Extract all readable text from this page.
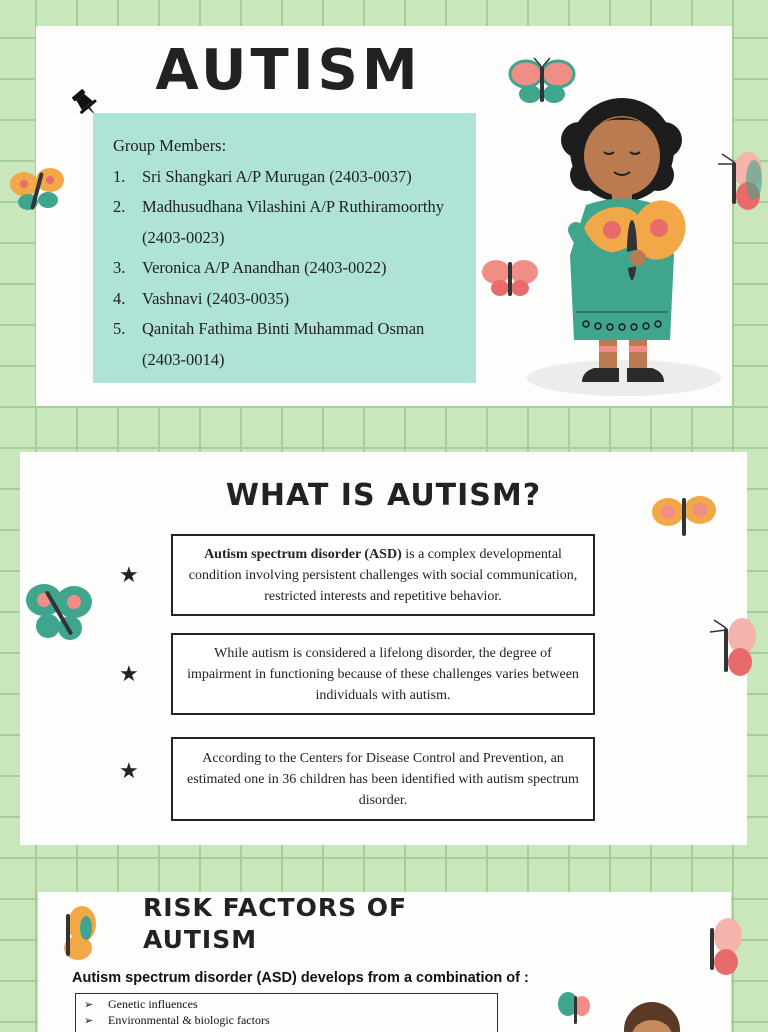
AUTISM
Group Members:
1.	Sri Shangkari A/P Murugan (2403-0037)
2.	Madhusudhana Vilashini A/P Ruthiramoorthy
(2403-0023)
3.	Veronica A/P Anandhan (2403-0022)
4.	Vashnavi (2403-0035)
5.	Qanitah Fathima Binti Muhammad Osman
(2403-0014)
WHAT IS AUTISM?
★
Autism spectrum disorder (ASD) is a complex developmental condition involving persistent challenges with social communication, restricted interests and repetitive behavior.
★
While autism is considered a lifelong disorder, the degree of impairment in functioning because of these challenges varies between individuals with autism.
★	According to the Centers for Disease Control and Prevention, an estimated one in 36 children has been identified with autism spectrum disorder.
RISK FACTORS OF
AUTISM
Autism spectrum disorder (ASD) develops from a combination of :
➢ Genetic influences
➢ Environmental & biologic factors
